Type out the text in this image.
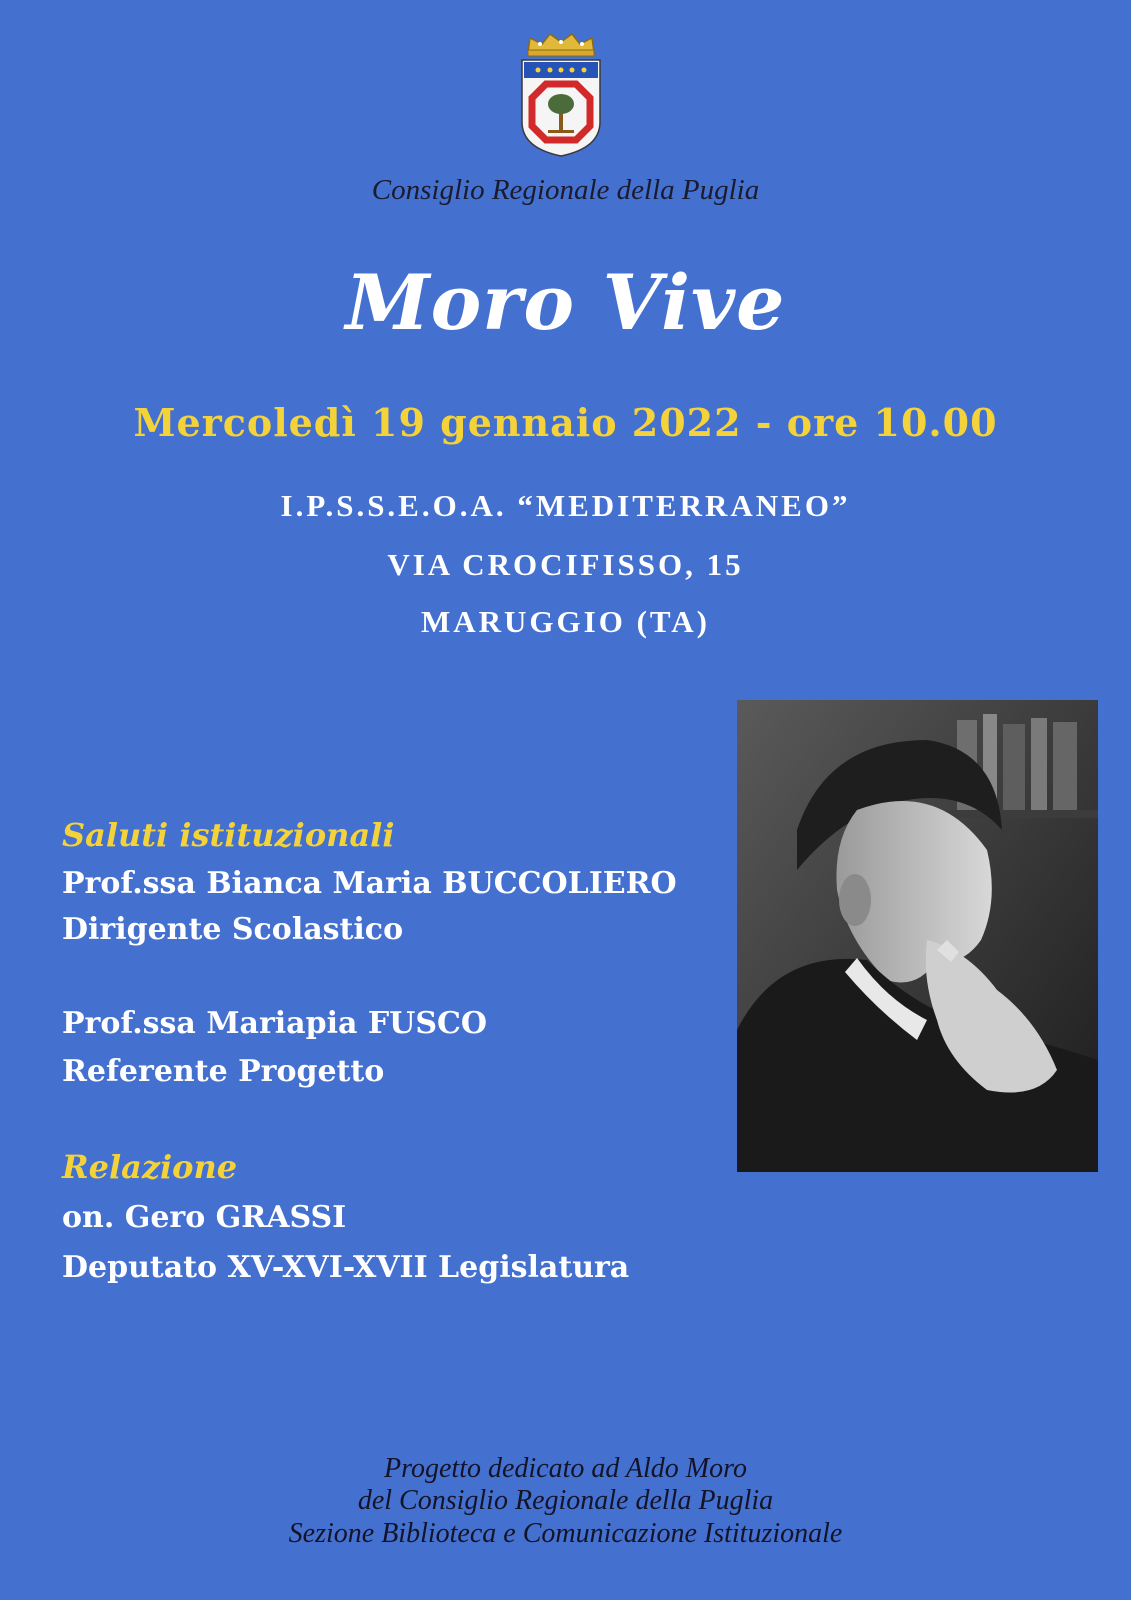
Consiglio Regionale della Puglia
Moro Vive
Mercoledì 19 gennaio 2022 - ore 10.00
I.P.S.S.E.O.A. “MEDITERRANEO”
VIA CROCIFISSO, 15
MARUGGIO (TA)
Saluti istituzionali
Prof.ssa Bianca Maria BUCCOLIERO
Dirigente Scolastico
Prof.ssa Mariapia FUSCO
Referente Progetto
Relazione
on. Gero GRASSI
Deputato XV-XVI-XVII Legislatura
Progetto dedicato ad Aldo Moro
del Consiglio Regionale della Puglia
Sezione Biblioteca e Comunicazione Istituzionale
